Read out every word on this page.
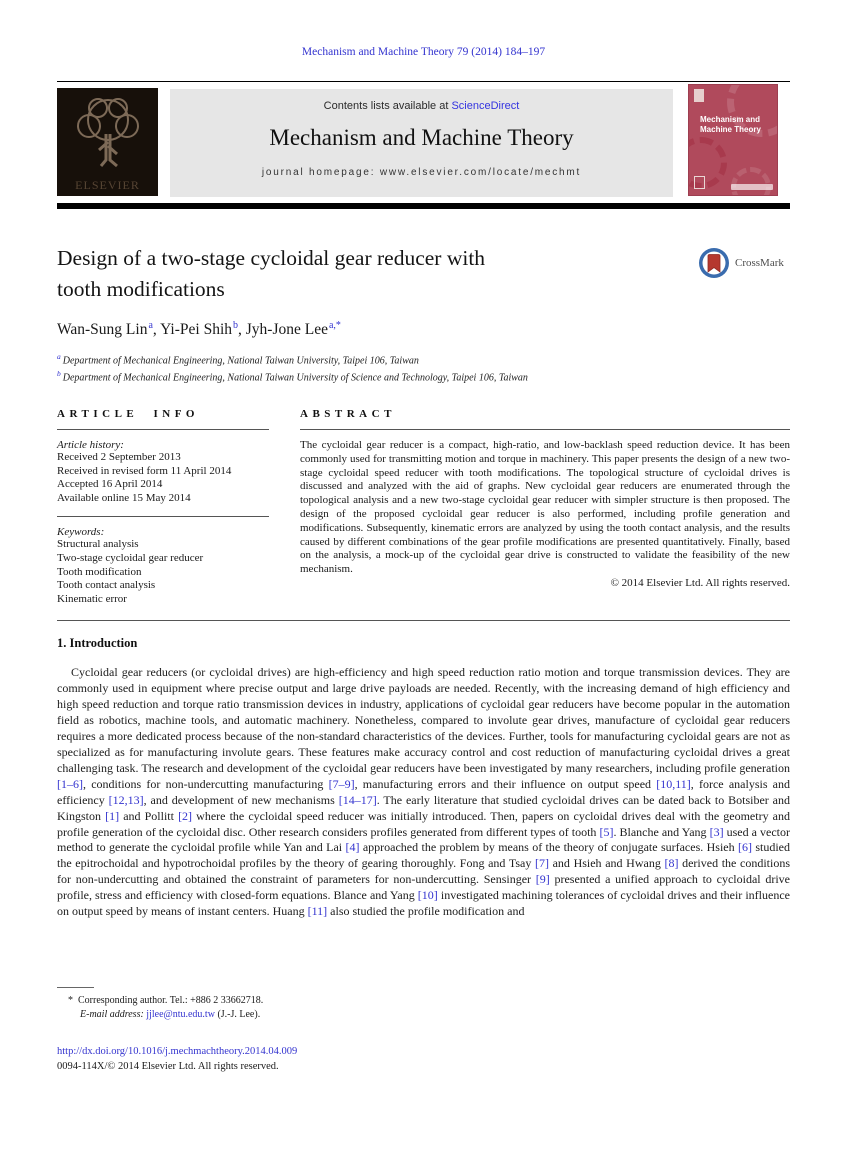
Mechanism and Machine Theory 79 (2014) 184–197
ELSEVIER
Contents lists available at ScienceDirect
Mechanism and Machine Theory
journal homepage: www.elsevier.com/locate/mechmt
Mechanism and
Machine Theory
Design of a two-stage cycloidal gear reducer with
tooth modifications
CrossMark
Wan-Sung Lin$^a$, Yi-Pei Shih$^b$, Jyh-Jone Lee$^{a,*}$
$^a$ Department of Mechanical Engineering, National Taiwan University, Taipei 106, Taiwan
$^b$ Department of Mechanical Engineering, National Taiwan University of Science and Technology, Taipei 106, Taiwan
ARTICLE INFO
Article history:
Received 2 September 2013
Received in revised form 11 April 2014
Accepted 16 April 2014
Available online 15 May 2014
Keywords:
Structural analysis
Two-stage cycloidal gear reducer
Tooth modification
Tooth contact analysis
Kinematic error
ABSTRACT
The cycloidal gear reducer is a compact, high-ratio, and low-backlash speed reduction device. It has been commonly used for transmitting motion and torque in machinery. This paper presents the design of a new two-stage cycloidal speed reducer with tooth modifications. The topological structure of cycloidal drives is discussed and analyzed with the aid of graphs. New cycloidal gear reducers are enumerated through the topological analysis and a new two-stage cycloidal gear reducer with simpler structure is then proposed. The design of the proposed cycloidal gear reducer is also performed, including profile generation and modifications. Subsequently, kinematic errors are analyzed by using the tooth contact analysis, and the results caused by different combinations of the gear profile modifications are presented quantitatively. Finally, based on the analysis, a mock-up of the cycloidal gear drive is constructed to validate the feasibility of the new mechanism.
© 2014 Elsevier Ltd. All rights reserved.
1. Introduction

Cycloidal gear reducers (or cycloidal drives) are high-efficiency and high speed reduction ratio motion and torque transmission devices. They are commonly used in equipment where precise output and large drive payloads are needed. Recently, with the increasing demand of high efficiency and high speed reduction and torque ratio transmission devices in industry, applications of cycloidal gear reducers have become popular in the automation field as robotics, machine tools, and automatic machinery. Nonetheless, compared to involute gear drives, manufacture of cycloidal gear reducers requires a more dedicated process because of the non-standard characteristics of the devices. Further, tools for manufacturing cycloidal gears are not as specialized as for manufacturing involute gears. These features make accuracy control and cost reduction of manufacturing cycloidal drives a great challenging task. The research and development of the cycloidal gear reducers have been investigated by many researchers, including profile generation [1–6], conditions for non-undercutting manufacturing [7–9], manufacturing errors and their influence on output speed [10,11], force analysis and efficiency [12,13], and development of new mechanisms [14–17]. The early literature that studied cycloidal drives can be dated back to Botsiber and Kingston [1] and Pollitt [2] where the cycloidal speed reducer was initially introduced. Then, papers on cycloidal drives deal with the geometry and profile generation of the cycloidal disc. Other research considers profiles generated from different types of tooth [5]. Blanche and Yang [3] used a vector method to generate the cycloidal profile while Yan and Lai [4] approached the problem by means of the theory of conjugate surfaces. Hsieh [6] studied the epitrochoidal and hypotrochoidal profiles by the theory of gearing thoroughly. Fong and Tsay [7] and Hsieh and Hwang [8] derived the conditions for non-undercutting and obtained the constraint of parameters for non-undercutting. Sensinger [9] presented a unified approach to cycloidal drive profile, stress and efficiency with closed-form equations. Blance and Yang [10] investigated machining tolerances of cycloidal drives and their influence on output speed by means of instant centers. Huang [11] also studied the profile modification and

* Corresponding author. Tel.: +886 2 33662718.
E-mail address: jjlee@ntu.edu.tw (J.-J. Lee).
http://dx.doi.org/10.1016/j.mechmachtheory.2014.04.009
0094-114X/© 2014 Elsevier Ltd. All rights reserved.
